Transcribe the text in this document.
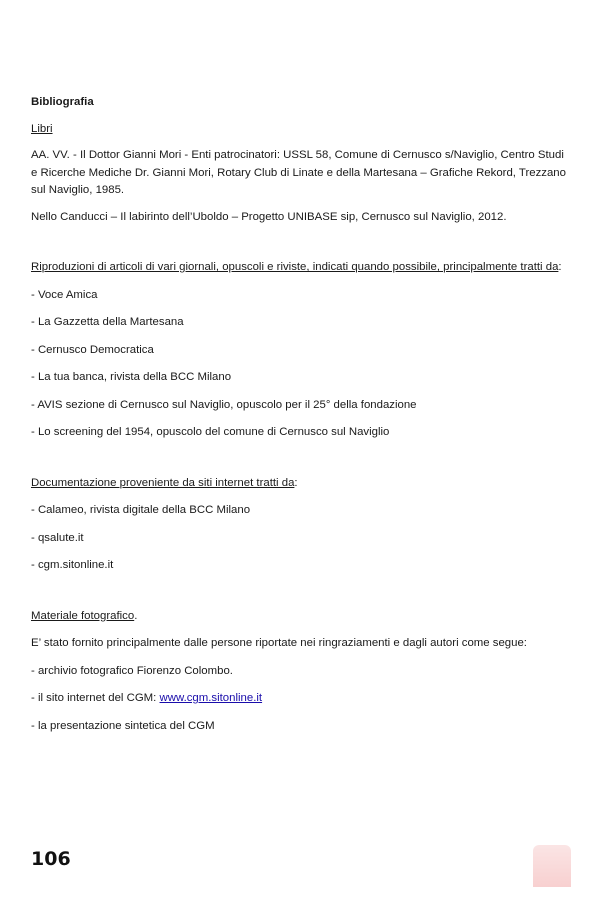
Bibliografia

Libri

AA. VV. - Il Dottor Gianni Mori - Enti patrocinatori: USSL 58, Comune di Cernusco s/Naviglio, Centro Studi e Ricerche Mediche Dr. Gianni Mori, Rotary Club di Linate e della Martesana – Grafiche Rekord, Trezzano sul Naviglio, 1985.

Nello Canducci – Il labirinto dell’Uboldo – Progetto UNIBASE sip, Cernusco sul Naviglio, 2012.

Riproduzioni di articoli di vari giornali, opuscoli e riviste, indicati quando possibile, principalmente tratti da:

- Voce Amica

- La Gazzetta della Martesana

- Cernusco Democratica

- La tua banca, rivista della BCC Milano

- AVIS sezione di Cernusco sul Naviglio, opuscolo per il 25° della fondazione

- Lo screening del 1954, opuscolo del comune di Cernusco sul Naviglio

Documentazione proveniente da siti internet tratti da:

- Calameo, rivista digitale della BCC Milano

- qsalute.it

- cgm.sitonline.it

Materiale fotografico.

E’ stato fornito principalmente dalle persone riportate nei ringraziamenti e dagli autori come segue:

- archivio fotografico Fiorenzo Colombo.

- il sito internet del CGM: www.cgm.sitonline.it

- la presentazione sintetica del CGM

106
